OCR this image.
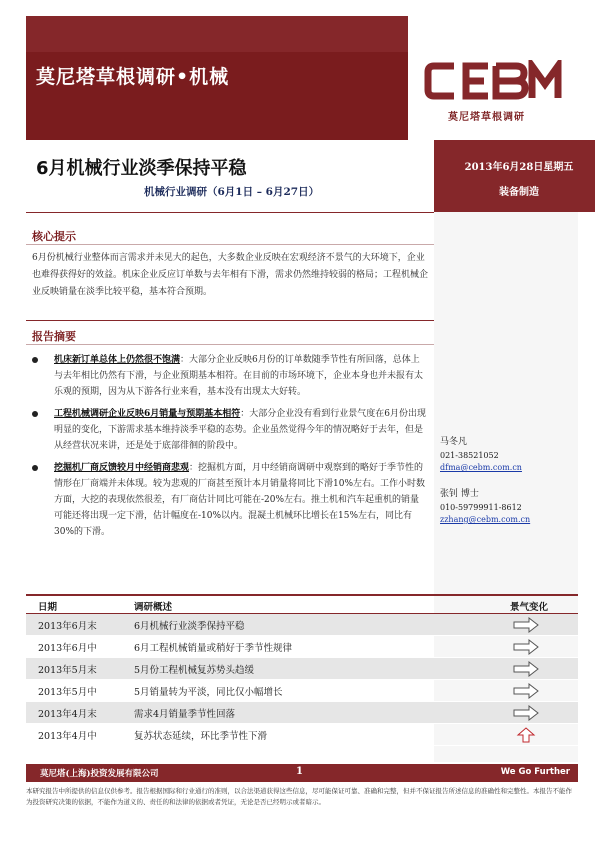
莫尼塔草根调研•机械
莫尼塔草根调研
6月机械行业淡季保持平稳
机械行业调研（6月1日 – 6月27日）
2013年6月28日星期五
装备制造
核心提示
6月份机械行业整体而言需求并未见大的起色，大多数企业反映在宏观经济不景气的大环境下，企业也难得获得好的效益。机床企业反应订单数与去年相有下滑，需求仍然维持较弱的格局；工程机械企业反映销量在淡季比较平稳，基本符合预期。
报告摘要
机床新订单总体上仍然很不饱满：大部分企业反映6月份的订单数随季节性有所回落，总体上与去年相比仍然有下滑，与企业预期基本相符。在目前的市场环境下，企业本身也并未报有太乐观的预期，因为从下游各行业来看，基本没有出现太大好转。
工程机械调研企业反映6月销量与预期基本相符：大部分企业没有看到行业景气度在6月份出现明显的变化，下游需求基本维持淡季平稳的态势。企业虽然觉得今年的情况略好于去年，但是从经营状况来讲，还是处于底部徘徊的阶段中。
挖掘机厂商反馈较月中经销商悲观：挖掘机方面，月中经销商调研中观察到的略好于季节性的情形在厂商端并未体现。较为悲观的厂商甚至预计本月销量将同比下滑10%左右。工作小时数方面，大挖的表现依然很差，有厂商估计同比可能在-20%左右。推土机和汽车起重机的销量可能还将出现一定下滑，估计幅度在-10%以内。混凝土机械环比增长在15%左右，同比有30%的下滑。
马冬凡
021-38521052
dfma@cebm.com.cn
张钊 博士
010-59799911-8612
zzhang@cebm.com.cn
日期	调研概述	景气变化
2013年6月末	6月机械行业淡季保持平稳
2013年6月中	6月工程机械销量或稍好于季节性规律
2013年5月末	5月份工程机械复苏势头趋缓
2013年5月中	5月销量转为平淡，同比仅小幅增长
2013年4月末	需求4月销量季节性回落
2013年4月中	复苏状态延续，环比季节性下滑
莫尼塔(上海)投资发展有限公司	1	We Go Further
本研究报告中所提供的信息仅供参考。报告根据国际和行业通行的准则，以合法渠道获得这些信息，尽可能保证可靠、准确和完整，但并不保证报告所述信息的准确性和完整性。本报告不能作为投资研究决策的依据，不能作为道义的、责任的和法律的依据或者凭证，无论是否已经明示或者暗示。
